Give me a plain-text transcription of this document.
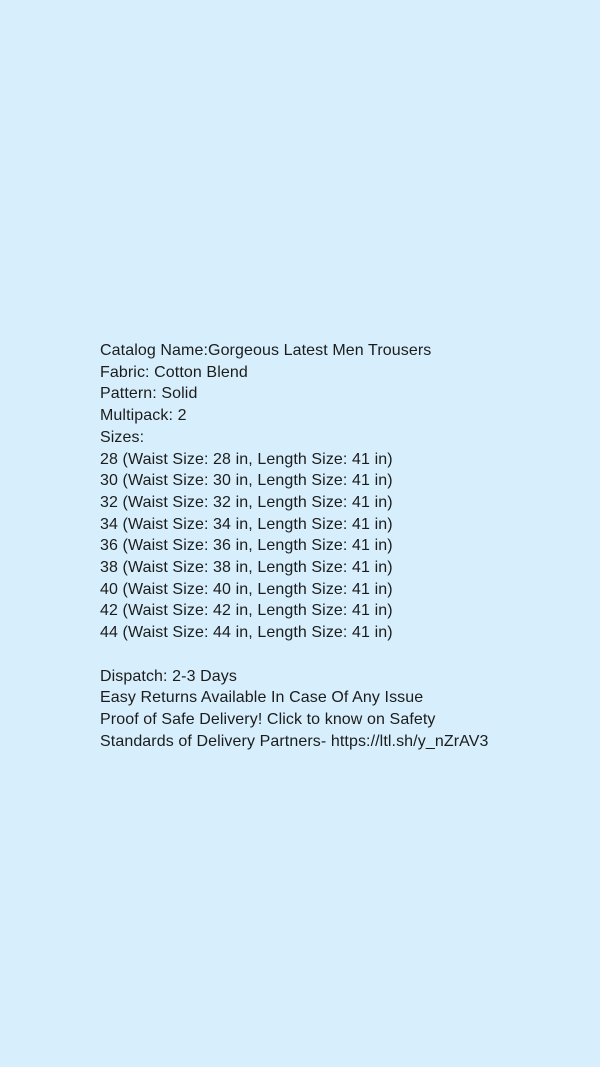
Catalog Name:Gorgeous Latest Men Trousers
Fabric: Cotton Blend
Pattern: Solid
Multipack: 2
Sizes:
28 (Waist Size: 28 in, Length Size: 41 in)
30 (Waist Size: 30 in, Length Size: 41 in)
32 (Waist Size: 32 in, Length Size: 41 in)
34 (Waist Size: 34 in, Length Size: 41 in)
36 (Waist Size: 36 in, Length Size: 41 in)
38 (Waist Size: 38 in, Length Size: 41 in)
40 (Waist Size: 40 in, Length Size: 41 in)
42 (Waist Size: 42 in, Length Size: 41 in)
44 (Waist Size: 44 in, Length Size: 41 in)
Dispatch: 2-3 Days
Easy Returns Available In Case Of Any Issue
Proof of Safe Delivery! Click to know on Safety
Standards of Delivery Partners- https://ltl.sh/y_nZrAV3
